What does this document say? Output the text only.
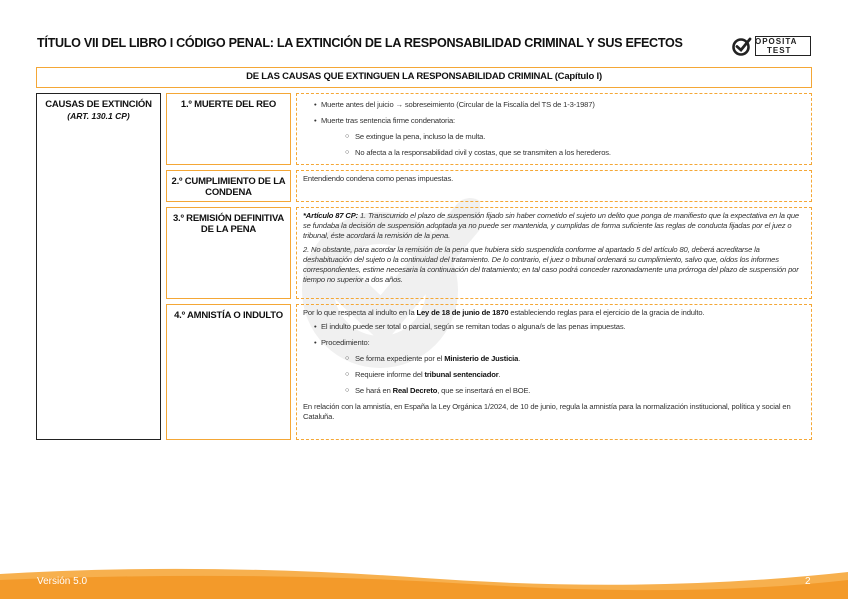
TÍTULO VII DEL LIBRO I CÓDIGO PENAL: LA EXTINCIÓN DE LA RESPONSABILIDAD CRIMINAL Y SUS EFECTOS	OPOSITA
TEST
DE LAS CAUSAS QUE EXTINGUEN LA RESPONSABILIDAD CRIMINAL (Capítulo I)
CAUSAS DE EXTINCIÓN
(ART. 130.1 CP)
1.º MUERTE DEL REO
•	Muerte antes del juicio → sobreseimiento (Circular de la Fiscalía del TS de 1-3-1987)
• Muerte tras sentencia firme condenatoria:
○ Se extingue la pena, incluso la de multa.
○ No afecta a la responsabilidad civil y costas, que se transmiten a los herederos.
2.º CUMPLIMIENTO DE LA CONDENA

Entendiendo condena como penas impuestas.

3.º REMISIÓN DEFINITIVA DE LA PENA

*Artículo 87 CP: 1. Transcurrido el plazo de suspensión fijado sin haber cometido el sujeto un delito que ponga de manifiesto que la expectativa en la que se fundaba la decisión de suspensión adoptada ya no puede ser mantenida, y cumplidas de forma suficiente las reglas de conducta fijadas por el juez o tribunal, éste acordará la remisión de la pena.

2. No obstante, para acordar la remisión de la pena que hubiera sido suspendida conforme al apartado 5 del artículo 80, deberá acreditarse la deshabituación del sujeto o la continuidad del tratamiento. De lo contrario, el juez o tribunal ordenará su cumplimiento, salvo que, oídos los informes correspondientes, estime necesaria la continuación del tratamiento; en tal caso podrá conceder razonadamente una prórroga del plazo de suspensión por tiempo no superior a dos años.

4.º AMNISTÍA O INDULTO	Por lo que respecta al indulto en la Ley de 18 de junio de 1870 estableciendo reglas para el ejercicio de la gracia de indulto.

• El indulto puede ser total o parcial, según se remitan todas o alguna/s de las penas impuestas.
• Procedimiento:
○ Se forma expediente por el Ministerio de Justicia.
○ Requiere informe del tribunal sentenciador.
○ Se hará en Real Decreto, que se insertará en el BOE.

En relación con la amnistía, en España la Ley Orgánica 1/2024, de 10 de junio, regula la amnistía para la normalización institucional, política y social en Cataluña.

Versión 5.0	2
